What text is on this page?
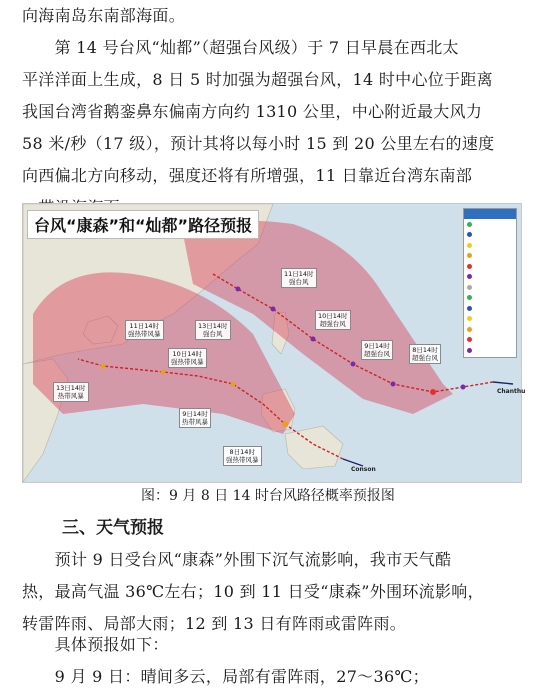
向海南岛东南部海面。

　　第 14 号台风“灿都”（超强台风级）于 7 日早晨在西北太
平洋洋面上生成，8 日 5 时加强为超强台风，14 时中心位于距离
我国台湾省鹅銮鼻东偏南方向约 1310 公里，中心附近最大风力
58 米/秒（17 级），预计其将以每小时 15 到 20 公里左右的速度
向西偏北方向移动，强度还将有所增强，11 日靠近台湾东南部

台风“康森”和“灿都”路径预报
11日14时
强台风
10日14时
超强台风
9日14时
超强台风	8日14时
超强台风
11日14时
强热带风暴
13日14时
强台风
10日14时
强热带风暴
13日14时
热带风暴
9日14时
热带风暴
8日14时
强热带风暴
Chanthu
Conson
图：9 月 8 日 14 时台风路径概率预报图
三、天气预报

　　预计 9 日受台风“康森”外围下沉气流影响，我市天气酷
热，最高气温 36℃左右；10 到 11 日受“康森”外围环流影响，
转雷阵雨、局部大雨；12 到 13 日有阵雨或雷阵雨。

　　具体预报如下：

　　9 月 9 日：晴间多云，局部有雷阵雨，27～36℃；
